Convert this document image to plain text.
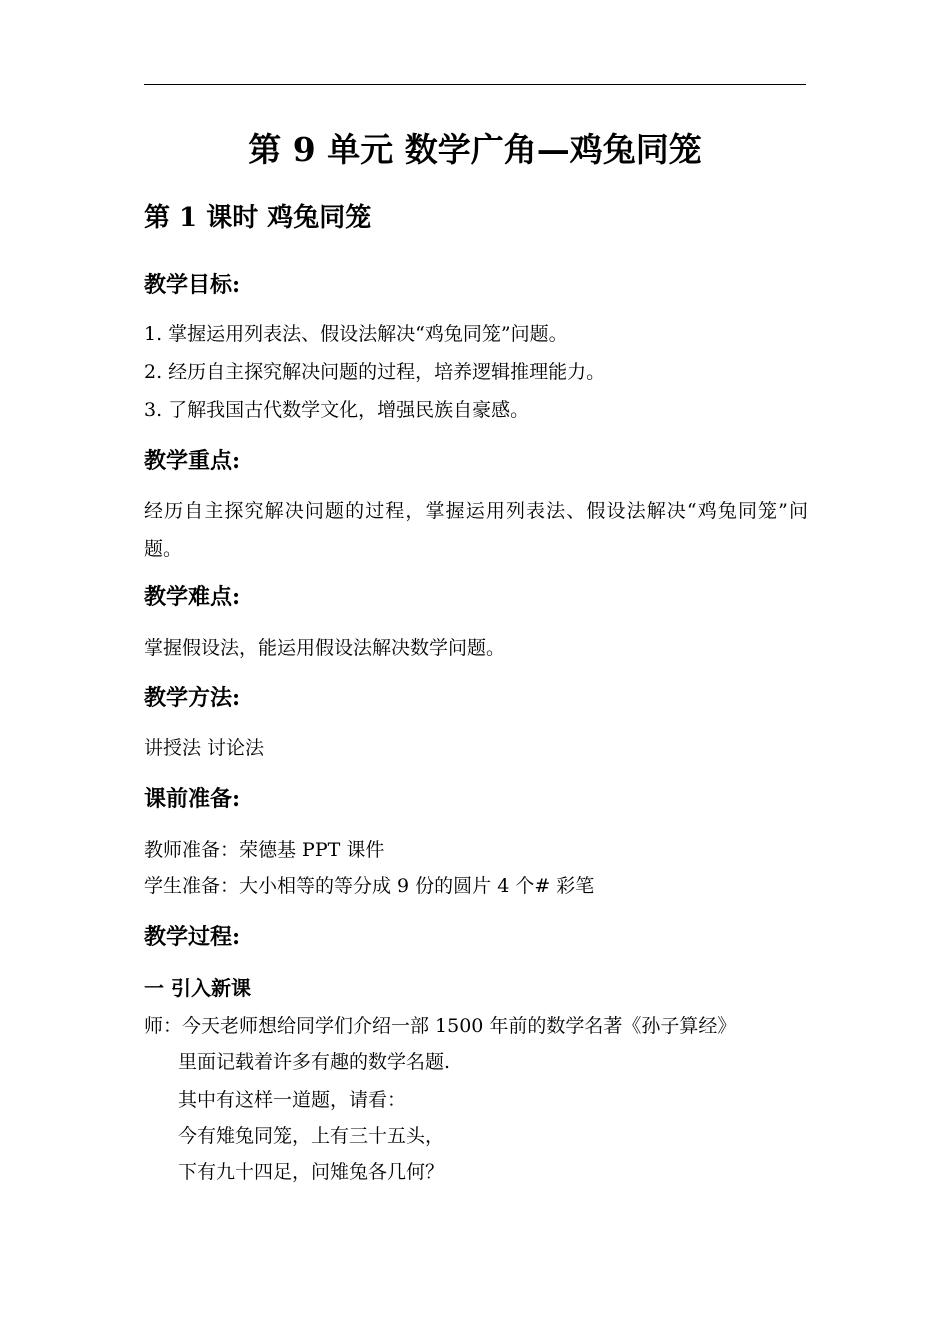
第 9 单元 数学广角—鸡兔同笼
第 1 课时 鸡兔同笼
教学目标:
1. 掌握运用列表法、假设法解决“鸡兔同笼”问题。
2. 经历自主探究解决问题的过程，培养逻辑推理能力。
3. 了解我国古代数学文化，增强民族自豪感。
教学重点:
经历自主探究解决问题的过程，掌握运用列表法、假设法解决“鸡兔同笼”问题。
教学难点:
掌握假设法，能运用假设法解决数学问题。
教学方法:
讲授法 讨论法
课前准备:
教师准备：荣德基 PPT 课件
学生准备：大小相等的等分成 9 份的圆片 4 个# 彩笔
教学过程:
一 引入新课
师：今天老师想给同学们介绍一部 1500 年前的数学名著《孙子算经》
里面记载着许多有趣的数学名题.
其中有这样一道题，请看：
今有雉兔同笼，上有三十五头，
下有九十四足，问雉兔各几何？
